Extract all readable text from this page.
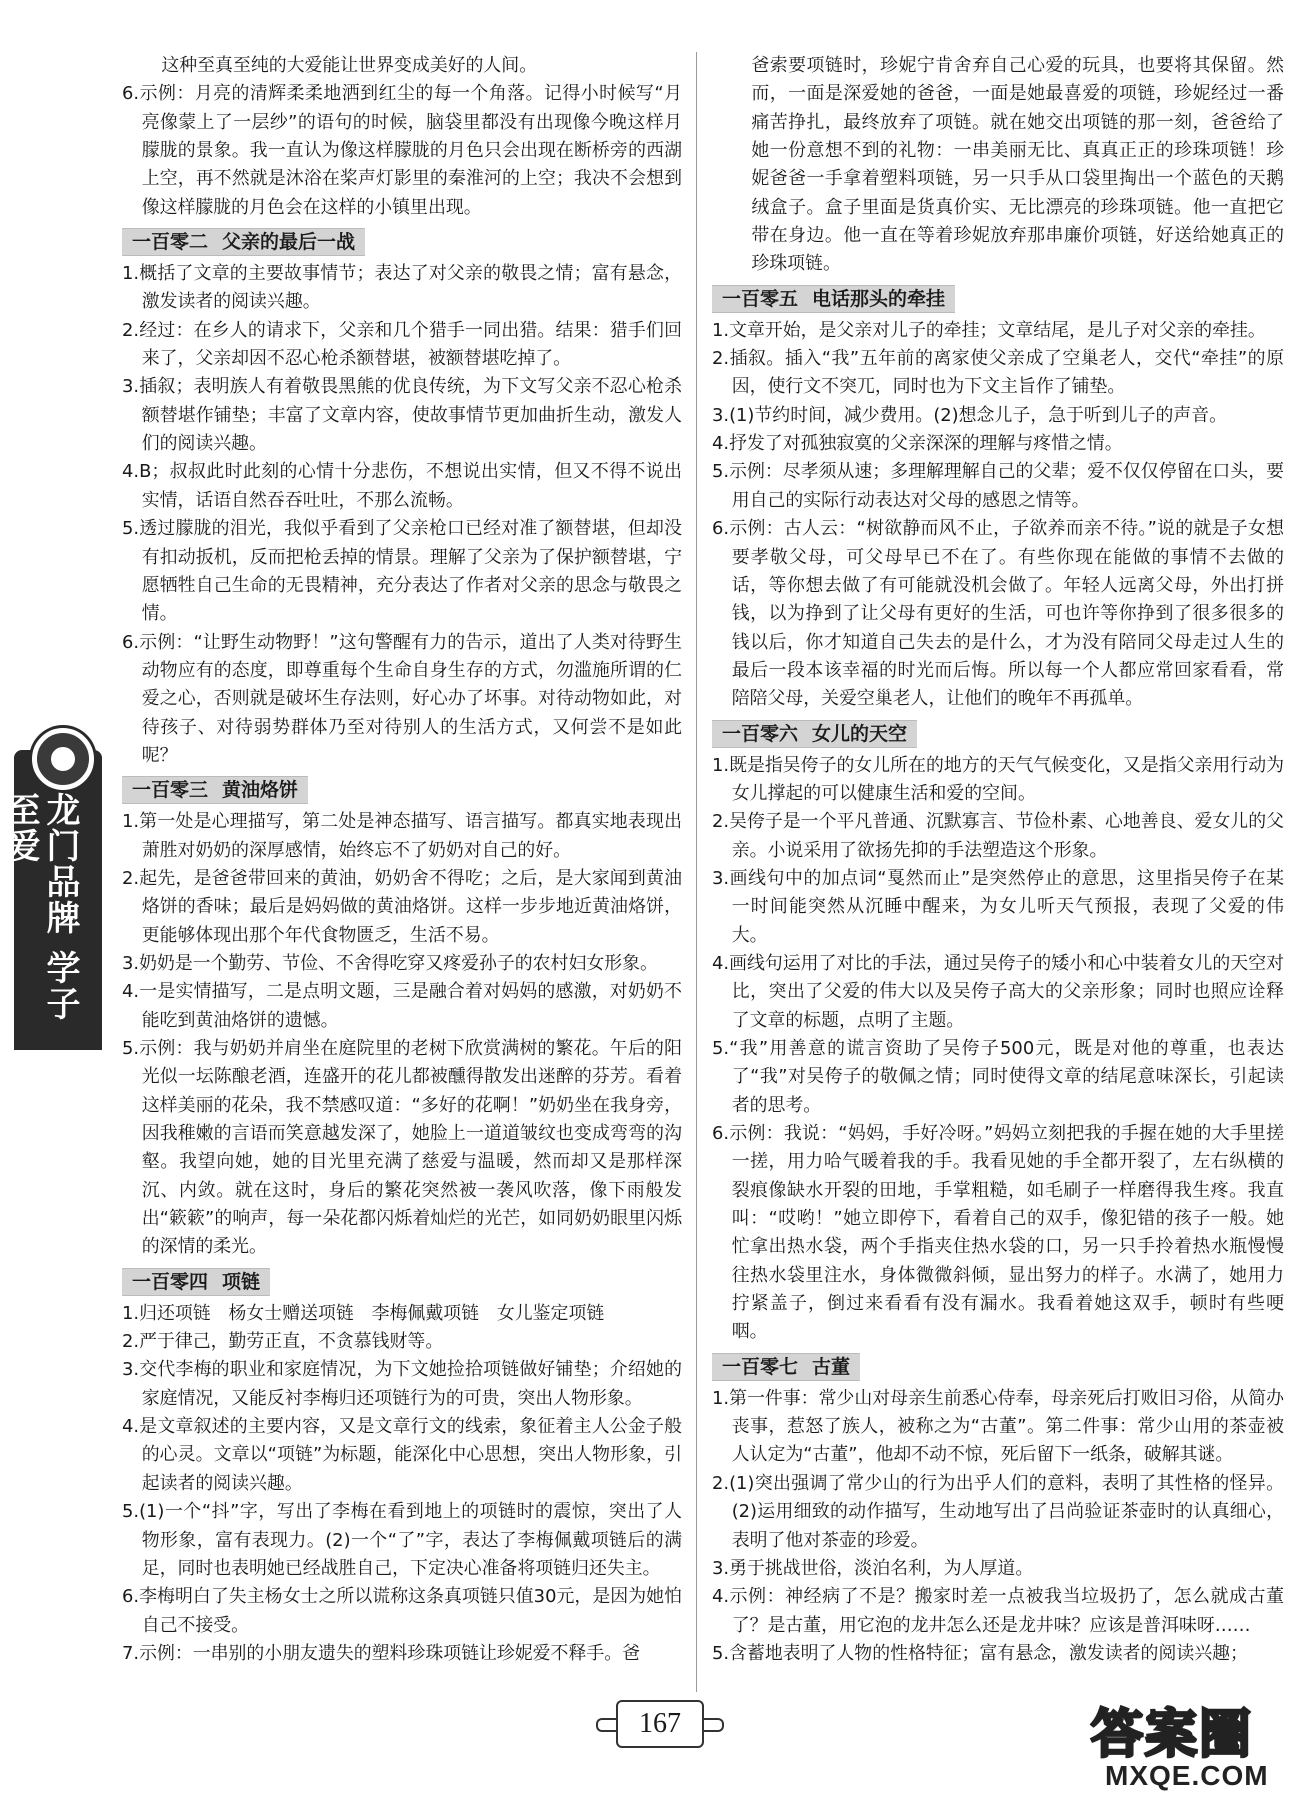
这种至真至纯的大爱能让世界变成美好的人间。

6.示例：月亮的清辉柔柔地洒到红尘的每一个角落。记得小时候写“月亮像蒙上了一层纱”的语句的时候，脑袋里都没有出现像今晚这样月朦胧的景象。我一直认为像这样朦胧的月色只会出现在断桥旁的西湖上空，再不然就是沐浴在桨声灯影里的秦淮河的上空；我决不会想到像这样朦胧的月色会在这样的小镇里出现。

一百零二 父亲的最后一战

1.概括了文章的主要故事情节；表达了对父亲的敬畏之情；富有悬念，激发读者的阅读兴趣。

2.经过：在乡人的请求下，父亲和几个猎手一同出猎。结果：猎手们回来了，父亲却因不忍心枪杀额替堪，被额替堪吃掉了。

3.插叙；表明族人有着敬畏黑熊的优良传统，为下文写父亲不忍心枪杀额替堪作铺垫；丰富了文章内容，使故事情节更加曲折生动，激发人们的阅读兴趣。

4.B；叔叔此时此刻的心情十分悲伤，不想说出实情，但又不得不说出实情，话语自然吞吞吐吐，不那么流畅。

5.透过朦胧的泪光，我似乎看到了父亲枪口已经对准了额替堪，但却没有扣动扳机，反而把枪丢掉的情景。理解了父亲为了保护额替堪，宁愿牺牲自己生命的无畏精神，充分表达了作者对父亲的思念与敬畏之情。

6.示例：“让野生动物野！”这句警醒有力的告示，道出了人类对待野生动物应有的态度，即尊重每个生命自身生存的方式，勿滥施所谓的仁爱之心，否则就是破坏生存法则，好心办了坏事。对待动物如此，对待孩子、对待弱势群体乃至对待别人的生活方式，又何尝不是如此呢？

一百零三 黄油烙饼

1.第一处是心理描写，第二处是神态描写、语言描写。都真实地表现出萧胜对奶奶的深厚感情，始终忘不了奶奶对自己的好。

2.起先，是爸爸带回来的黄油，奶奶舍不得吃；之后，是大家闻到黄油烙饼的香味；最后是妈妈做的黄油烙饼。这样一步步地近黄油烙饼，更能够体现出那个年代食物匮乏，生活不易。

3.奶奶是一个勤劳、节俭、不舍得吃穿又疼爱孙子的农村妇女形象。

4.一是实情描写，二是点明文题，三是融合着对妈妈的感激，对奶奶不能吃到黄油烙饼的遗憾。

5.示例：我与奶奶并肩坐在庭院里的老树下欣赏满树的繁花。午后的阳光似一坛陈酿老酒，连盛开的花儿都被醺得散发出迷醉的芬芳。看着这样美丽的花朵，我不禁感叹道：“多好的花啊！”奶奶坐在我身旁，因我稚嫩的言语而笑意越发深了，她脸上一道道皱纹也变成弯弯的沟壑。我望向她，她的目光里充满了慈爱与温暖，然而却又是那样深沉、内敛。就在这时，身后的繁花突然被一袭风吹落，像下雨般发出“簌簌”的响声，每一朵花都闪烁着灿烂的光芒，如同奶奶眼里闪烁的深情的柔光。

一百零四 项链

1.归还项链　杨女士赠送项链　李梅佩戴项链　女儿鉴定项链

2.严于律己，勤劳正直，不贪慕钱财等。

3.交代李梅的职业和家庭情况，为下文她捡拾项链做好铺垫；介绍她的家庭情况，又能反衬李梅归还项链行为的可贵，突出人物形象。

4.是文章叙述的主要内容，又是文章行文的线索，象征着主人公金子般的心灵。文章以“项链”为标题，能深化中心思想，突出人物形象，引起读者的阅读兴趣。

5.(1)一个“抖”字，写出了李梅在看到地上的项链时的震惊，突出了人物形象，富有表现力。(2)一个“了”字，表达了李梅佩戴项链后的满足，同时也表明她已经战胜自己，下定决心准备将项链归还失主。

6.李梅明白了失主杨女士之所以谎称这条真项链只值30元，是因为她怕自己不接受。

7.示例：一串别的小朋友遗失的塑料珍珠项链让珍妮爱不释手。爸

爸索要项链时，珍妮宁肯舍弃自己心爱的玩具，也要将其保留。然而，一面是深爱她的爸爸，一面是她最喜爱的项链，珍妮经过一番痛苦挣扎，最终放弃了项链。就在她交出项链的那一刻，爸爸给了她一份意想不到的礼物：一串美丽无比、真真正正的珍珠项链！珍妮爸爸一手拿着塑料项链，另一只手从口袋里掏出一个蓝色的天鹅绒盒子。盒子里面是货真价实、无比漂亮的珍珠项链。他一直把它带在身边。他一直在等着珍妮放弃那串廉价项链，好送给她真正的珍珠项链。

一百零五 电话那头的牵挂

1.文章开始，是父亲对儿子的牵挂；文章结尾，是儿子对父亲的牵挂。

2.插叙。插入“我”五年前的离家使父亲成了空巢老人，交代“牵挂”的原因，使行文不突兀，同时也为下文主旨作了铺垫。

3.(1)节约时间，减少费用。(2)想念儿子，急于听到儿子的声音。

4.抒发了对孤独寂寞的父亲深深的理解与疼惜之情。

5.示例：尽孝须从速；多理解理解自己的父辈；爱不仅仅停留在口头，要用自己的实际行动表达对父母的感恩之情等。

6.示例：古人云：“树欲静而风不止，子欲养而亲不待。”说的就是子女想要孝敬父母，可父母早已不在了。有些你现在能做的事情不去做的话，等你想去做了有可能就没机会做了。年轻人远离父母，外出打拼钱，以为挣到了让父母有更好的生活，可也许等你挣到了很多很多的钱以后，你才知道自己失去的是什么，才为没有陪同父母走过人生的最后一段本该幸福的时光而后悔。所以每一个人都应常回家看看，常陪陪父母，关爱空巢老人，让他们的晚年不再孤单。

一百零六 女儿的天空

1.既是指吴侉子的女儿所在的地方的天气气候变化，又是指父亲用行动为女儿撑起的可以健康生活和爱的空间。

2.吴侉子是一个平凡普通、沉默寡言、节俭朴素、心地善良、爱女儿的父亲。小说采用了欲扬先抑的手法塑造这个形象。

3.画线句中的加点词“戛然而止”是突然停止的意思，这里指吴侉子在某一时间能突然从沉睡中醒来，为女儿听天气预报，表现了父爱的伟大。

4.画线句运用了对比的手法，通过吴侉子的矮小和心中装着女儿的天空对比，突出了父爱的伟大以及吴侉子高大的父亲形象；同时也照应诠释了文章的标题，点明了主题。

5.“我”用善意的谎言资助了吴侉子500元，既是对他的尊重，也表达了“我”对吴侉子的敬佩之情；同时使得文章的结尾意味深长，引起读者的思考。

6.示例：我说：“妈妈，手好冷呀。”妈妈立刻把我的手握在她的大手里搓一搓，用力哈气暖着我的手。我看见她的手全都开裂了，左右纵横的裂痕像缺水开裂的田地，手掌粗糙，如毛刷子一样磨得我生疼。我直叫：“哎哟！”她立即停下，看着自己的双手，像犯错的孩子一般。她忙拿出热水袋，两个手指夹住热水袋的口，另一只手拎着热水瓶慢慢往热水袋里注水，身体微微斜倾，显出努力的样子。水满了，她用力拧紧盖子，倒过来看看有没有漏水。我看着她这双手，顿时有些哽咽。

一百零七 古董

1.第一件事：常少山对母亲生前悉心侍奉，母亲死后打败旧习俗，从简办丧事，惹怒了族人，被称之为“古董”。第二件事：常少山用的茶壶被人认定为“古董”，他却不动不惊，死后留下一纸条，破解其谜。

2.(1)突出强调了常少山的行为出乎人们的意料，表明了其性格的怪异。(2)运用细致的动作描写，生动地写出了吕尚验证茶壶时的认真细心，表明了他对茶壶的珍爱。

3.勇于挑战世俗，淡泊名利，为人厚道。

4.示例：神经病了不是？搬家时差一点被我当垃圾扔了，怎么就成古董了？是古董，用它泡的龙井怎么还是龙井味？应该是普洱味呀……

5.含蓄地表明了人物的性格特征；富有悬念，激发读者的阅读兴趣；

龙门品牌 学子至爱
167	答案圈
MXQE.COM
